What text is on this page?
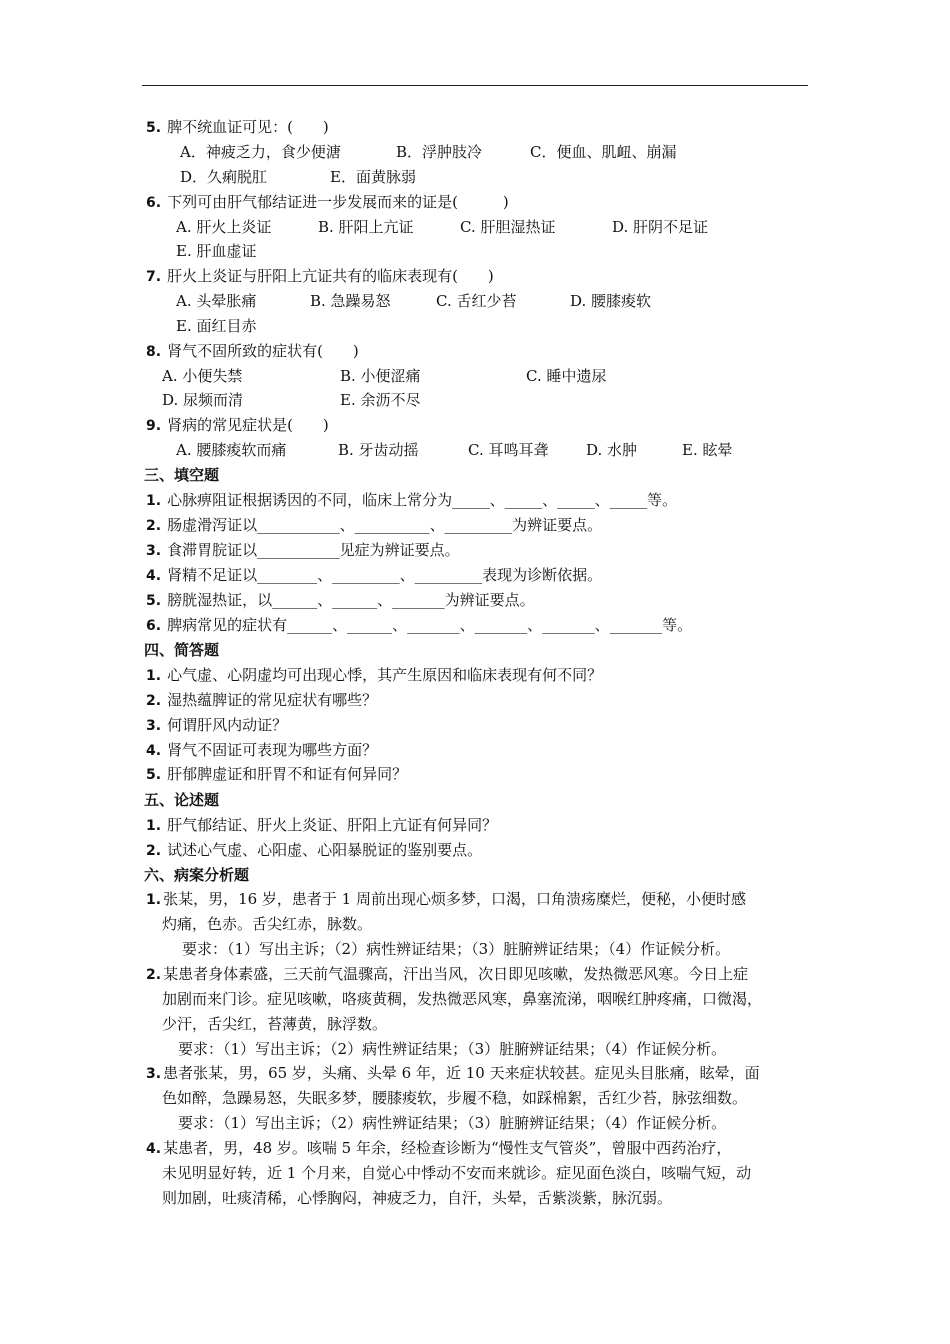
5. 脾不统血证可见：(　　)
A．神疲乏力，食少便溏	B．浮肿肢冷	C．便血、肌衄、崩漏
D．久痢脱肛	E．面黄脉弱
6. 下列可由肝气郁结证进一步发展而来的证是(　　　)
A. 肝火上炎证	B. 肝阳上亢证	C. 肝胆湿热证	D. 肝阴不足证
E. 肝血虚证
7. 肝火上炎证与肝阳上亢证共有的临床表现有(　　)
A. 头晕胀痛	B. 急躁易怒	C. 舌红少苔	D. 腰膝痠软
E. 面红目赤
8. 肾气不固所致的症状有(　　)
A. 小便失禁	B. 小便涩痛	C. 睡中遗尿
D. 尿频而清	E. 余沥不尽
9. 肾病的常见症状是(　　)
A. 腰膝痠软而痛	B. 牙齿动摇	C. 耳鸣耳聋	D. 水肿	E. 眩晕
三、填空题
1. 心脉痹阻证根据诱因的不同，临床上常分为_____、_____、_____、_____等。
2. 肠虚滑泻证以___________、__________、_________为辨证要点。
3. 食滞胃脘证以___________见症为辨证要点。
4. 肾精不足证以________、_________、_________表现为诊断依据。
5. 膀胱湿热证，以______、______、_______为辨证要点。
6. 脾病常见的症状有______、______、_______、_______、_______、_______等。
四、简答题
1. 心气虚、心阴虚均可出现心悸，其产生原因和临床表现有何不同？
2. 湿热蕴脾证的常见症状有哪些？
3. 何谓肝风内动证？
4. 肾气不固证可表现为哪些方面？
5. 肝郁脾虚证和肝胃不和证有何异同？
五、论述题
1. 肝气郁结证、肝火上炎证、肝阳上亢证有何异同？
2. 试述心气虚、心阳虚、心阳暴脱证的鉴别要点。
六、病案分析题
1. 张某，男，16 岁，患者于 1 周前出现心烦多梦，口渴，口角溃疡糜烂，便秘，小便时感
灼痛，色赤。舌尖红赤，脉数。
要求：（1）写出主诉；（2）病性辨证结果；（3）脏腑辨证结果；（4）作证候分析。
2. 某患者身体素盛，三天前气温骤高，汗出当风，次日即见咳嗽，发热微恶风寒。今日上症
加剧而来门诊。症见咳嗽，咯痰黄稠，发热微恶风寒，鼻塞流涕，咽喉红肿疼痛，口微渴，
少汗，舌尖红，苔薄黄，脉浮数。
要求：（1）写出主诉；（2）病性辨证结果；（3）脏腑辨证结果；（4）作证候分析。
3. 患者张某，男，65 岁，头痛、头晕 6 年，近 10 天来症状较甚。症见头目胀痛，眩晕，面
色如醉，急躁易怒，失眠多梦，腰膝痠软，步履不稳，如踩棉絮，舌红少苔，脉弦细数。
要求：（1）写出主诉；（2）病性辨证结果；（3）脏腑辨证结果；（4）作证候分析。
4. 某患者，男，48 岁。咳喘 5 年余，经检查诊断为“慢性支气管炎”，曾服中西药治疗，
未见明显好转，近 1 个月来，自觉心中悸动不安而来就诊。症见面色淡白，咳喘气短，动
则加剧，吐痰清稀，心悸胸闷，神疲乏力，自汗，头晕，舌紫淡紫，脉沉弱。
